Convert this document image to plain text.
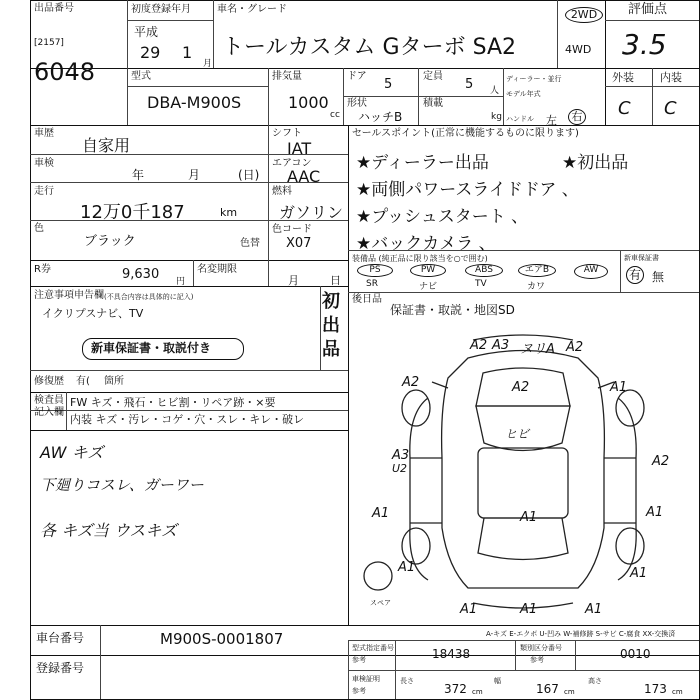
出品番号
[2157]
6048
初度登録年月
平成
29 1
月
車名・グレード
トールカスタム Gターボ SA2
2WD
4WD
評価点
3.5
型式
DBA-M900S
排気量
1000
cc
ドア
5
定員
5 人
ディーラー・並行
形状
ハッチB
積載
kg
モデル年式
ハンドル 左	右
外装 内装
C C
車歴
自家用
シフト
IAT
車検
年	月	(日)
エアコン
AAC
走行
12万0千187	km
燃料
ガソリン
色
ブラック	色替
色コード
X07
R券	9,630 円
名変期限
月	日
注意事項申告欄 (不具合内容は具体的に記入)
イクリプスナビ、TV
新車保証書・取説付き
修復歴 有( 箇所
初出品
検査員記入欄
FW キズ・飛石・ヒビ割・リペア跡・×要
内装 キズ・汚レ・コゲ・穴・スレ・キレ・破レ
AW キズ
下廻りコスレ、ガーワー
各 キズ当 ウスキズ
セールスポイント(正常に機能するものに限ります)
★ディーラー出品	★初出品
★両側パワースライドドア 、
★プッシュスタート 、
★バックカメラ 、
装備品 (純正品に限り該当を○で囲む)
PS
SR
PW
ナビ
ABS
TV
エアB
カワ
AW
新車保証書
有 無
後日品
保証書・取説・地図SD
A2 A3 ヌリA A2
A2	A1
ヒビ
A2
A3
U2	A2
A1	A1
A1
A1	A1
A1	A1	A1
スペア
A-キズ E-エクボ U-凹み W-補修跡 S-サビ C-腐食 XX-交換済
車台番号	M900S-0001807
登録番号
型式指定番号
参考	18438	類別区分番号
参考	0010
車検証明
参考
長さ
372 cm
幅
167 cm
高さ
173 cm
